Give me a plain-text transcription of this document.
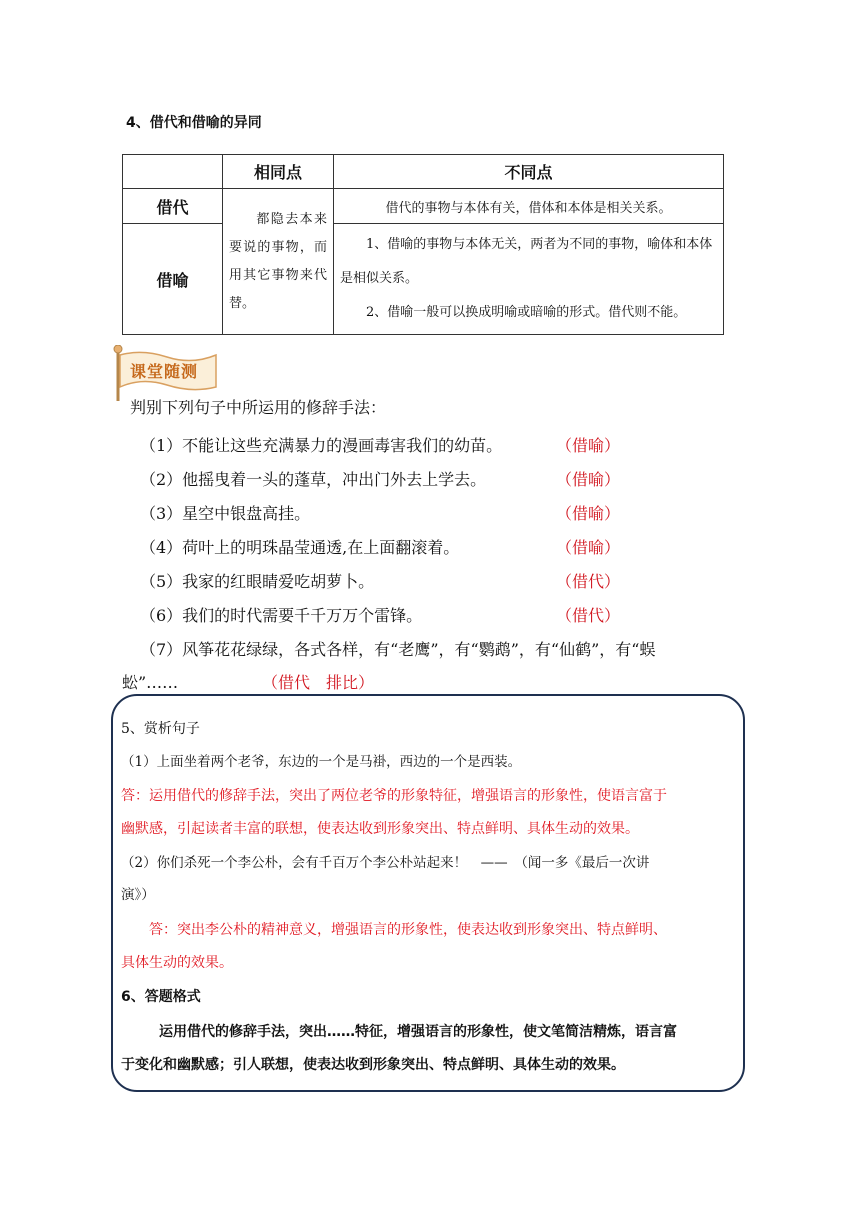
4、借代和借喻的异同
	相同点	不同点
借代	都隐去本来要说的事物，而用其它事物来代替。	借代的事物与本体有关，借体和本体是相关关系。
借喻		1、借喻的事物与本体无关，两者为不同的事物，喻体和本体是相似关系。
2、借喻一般可以换成明喻或暗喻的形式。借代则不能。
课堂随测
判别下列句子中所运用的修辞手法：
（1）不能让这些充满暴力的漫画毒害我们的幼苗。	（借喻）
（2）他摇曳着一头的蓬草，冲出门外去上学去。	（借喻）
（3）星空中银盘高挂。	（借喻）
（4）荷叶上的明珠晶莹通透,在上面翻滚着。	（借喻）
（5）我家的红眼睛爱吃胡萝卜。	（借代）
（6）我们的时代需要千千万万个雷锋。	（借代）
（7）风筝花花绿绿，各式各样，有“老鹰”，有“鹦鹉”，有“仙鹤”，有“蜈
蚣”……	（借代　排比）
5、赏析句子
（1）上面坐着两个老爷，东边的一个是马褂，西边的一个是西装。
答：运用借代的修辞手法，突出了两位老爷的形象特征，增强语言的形象性，使语言富于
幽默感，引起读者丰富的联想，使表达收到形象突出、特点鲜明、具体生动的效果。
（2）你们杀死一个李公朴，会有千百万个李公朴站起来！　——　（闻一多《最后一次讲
演》）
答：突出李公朴的精神意义，增强语言的形象性，使表达收到形象突出、特点鲜明、
具体生动的效果。
6、答题格式
运用借代的修辞手法，突出……特征，增强语言的形象性，使文笔简洁精炼，语言富
于变化和幽默感；引人联想，使表达收到形象突出、特点鲜明、具体生动的效果。
